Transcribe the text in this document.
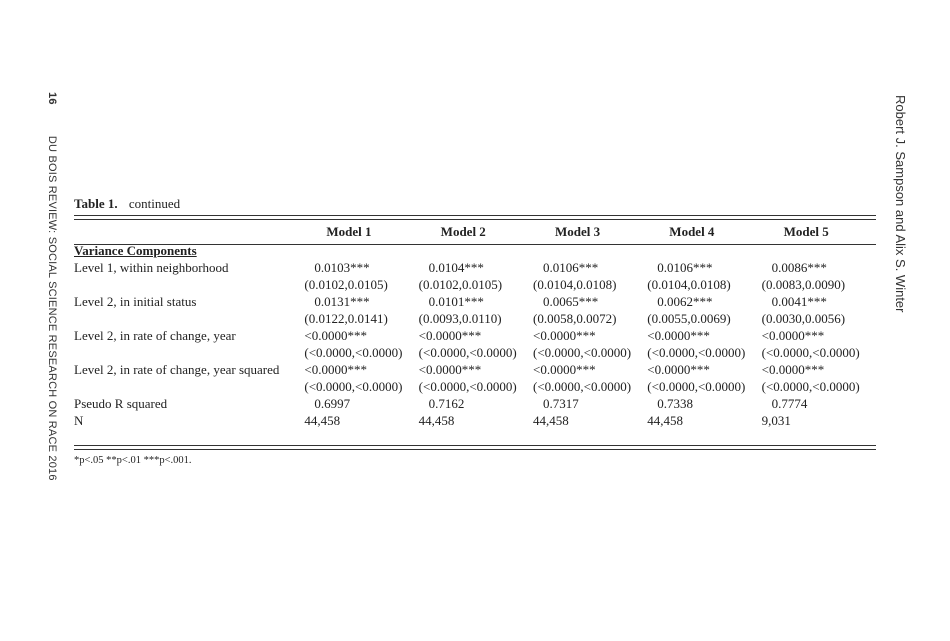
16 DU BOIS REVIEW: SOCIAL SCIENCE RESEARCH ON RACE 2016	Robert J. Sampson and Alix S. Winter
Table 1. continued
	Model 1	Model 2	Model 3	Model 4	Model 5
Variance Components					
Level 1, within neighborhood	0.0103***	0.0104***	0.0106***	0.0106***	0.0086***
	(0.0102,0.0105)	(0.0102,0.0105)	(0.0104,0.0108)	(0.0104,0.0108)	(0.0083,0.0090)
Level 2, in initial status	0.0131***	0.0101***	0.0065***	0.0062***	0.0041***
	(0.0122,0.0141)	(0.0093,0.0110)	(0.0058,0.0072)	(0.0055,0.0069)	(0.0030,0.0056)
Level 2, in rate of change, year	<0.0000***	<0.0000***	<0.0000***	<0.0000***	<0.0000***
	(<0.0000,<0.0000)	(<0.0000,<0.0000)	(<0.0000,<0.0000)	(<0.0000,<0.0000)	(<0.0000,<0.0000)
Level 2, in rate of change, year squared	<0.0000***	<0.0000***	<0.0000***	<0.0000***	<0.0000***
	(<0.0000,<0.0000)	(<0.0000,<0.0000)	(<0.0000,<0.0000)	(<0.0000,<0.0000)	(<0.0000,<0.0000)
Pseudo R squared	0.6997	0.7162	0.7317	0.7338	0.7774
N	44,458	44,458	44,458	44,458	9,031
*p<.05 **p<.01 ***p<.001.
